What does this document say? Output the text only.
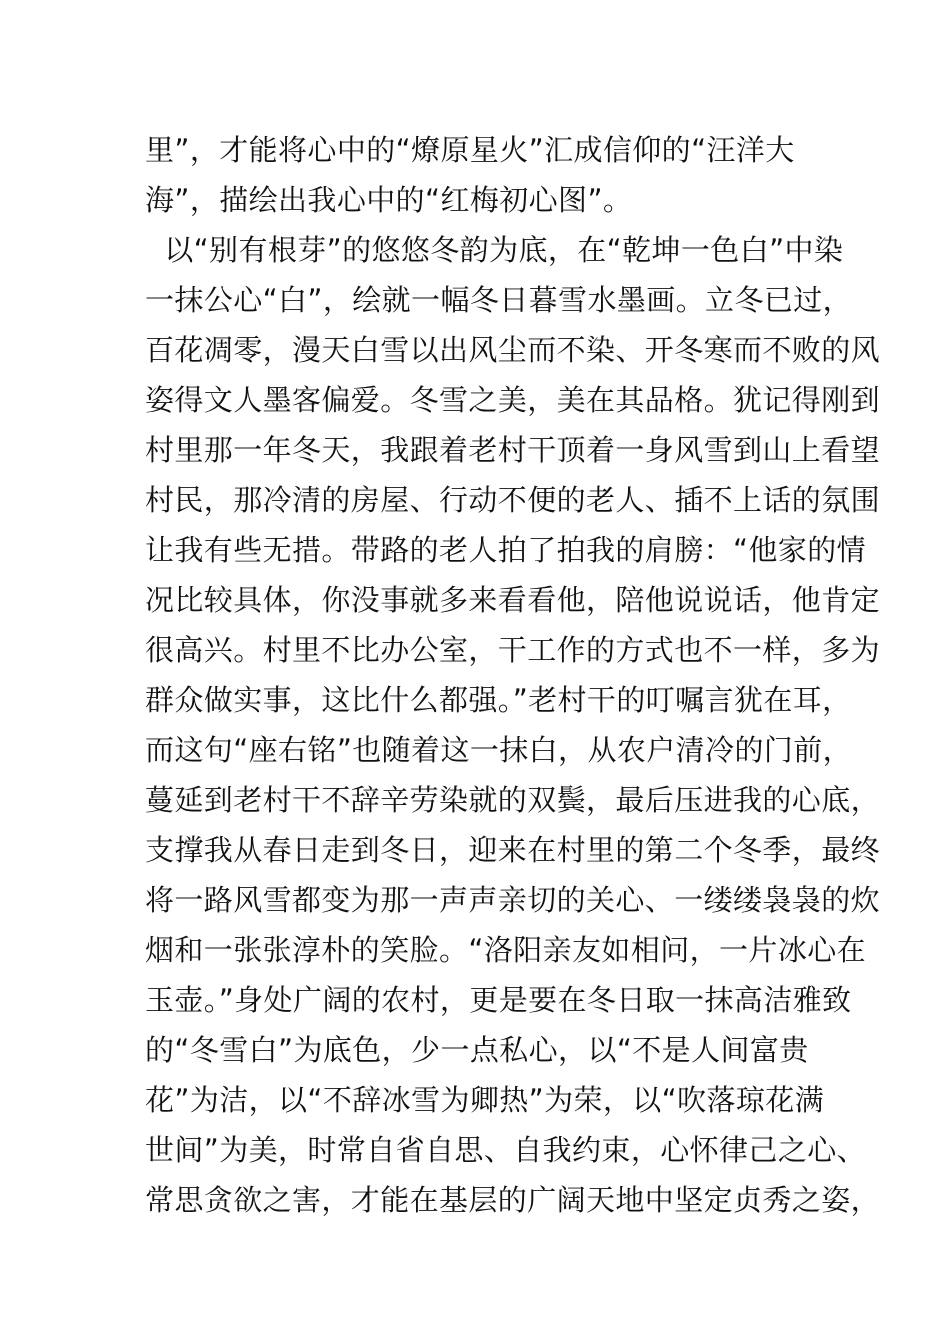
里”，才能将心中的“燎原星火”汇成信仰的“汪洋大
海”，描绘出我心中的“红梅初心图”。
以“别有根芽”的悠悠冬韵为底，在“乾坤一色白”中染
一抹公心“白”，绘就一幅冬日暮雪水墨画。立冬已过，
百花凋零，漫天白雪以出风尘而不染、开冬寒而不败的风
姿得文人墨客偏爱。冬雪之美，美在其品格。犹记得刚到
村里那一年冬天，我跟着老村干顶着一身风雪到山上看望
村民，那冷清的房屋、行动不便的老人、插不上话的氛围
让我有些无措。带路的老人拍了拍我的肩膀：“他家的情
况比较具体，你没事就多来看看他，陪他说说话，他肯定
很高兴。村里不比办公室，干工作的方式也不一样，多为
群众做实事，这比什么都强。”老村干的叮嘱言犹在耳，
而这句“座右铭”也随着这一抹白，从农户清冷的门前，
蔓延到老村干不辞辛劳染就的双鬓，最后压进我的心底，
支撑我从春日走到冬日，迎来在村里的第二个冬季，最终
将一路风雪都变为那一声声亲切的关心、一缕缕袅袅的炊
烟和一张张淳朴的笑脸。“洛阳亲友如相问，一片冰心在
玉壶。”身处广阔的农村，更是要在冬日取一抹高洁雅致
的“冬雪白”为底色，少一点私心，以“不是人间富贵
花”为洁，以“不辞冰雪为卿热”为荣，以“吹落琼花满
世间”为美，时常自省自思、自我约束，心怀律己之心、
常思贪欲之害，才能在基层的广阔天地中坚定贞秀之姿，
